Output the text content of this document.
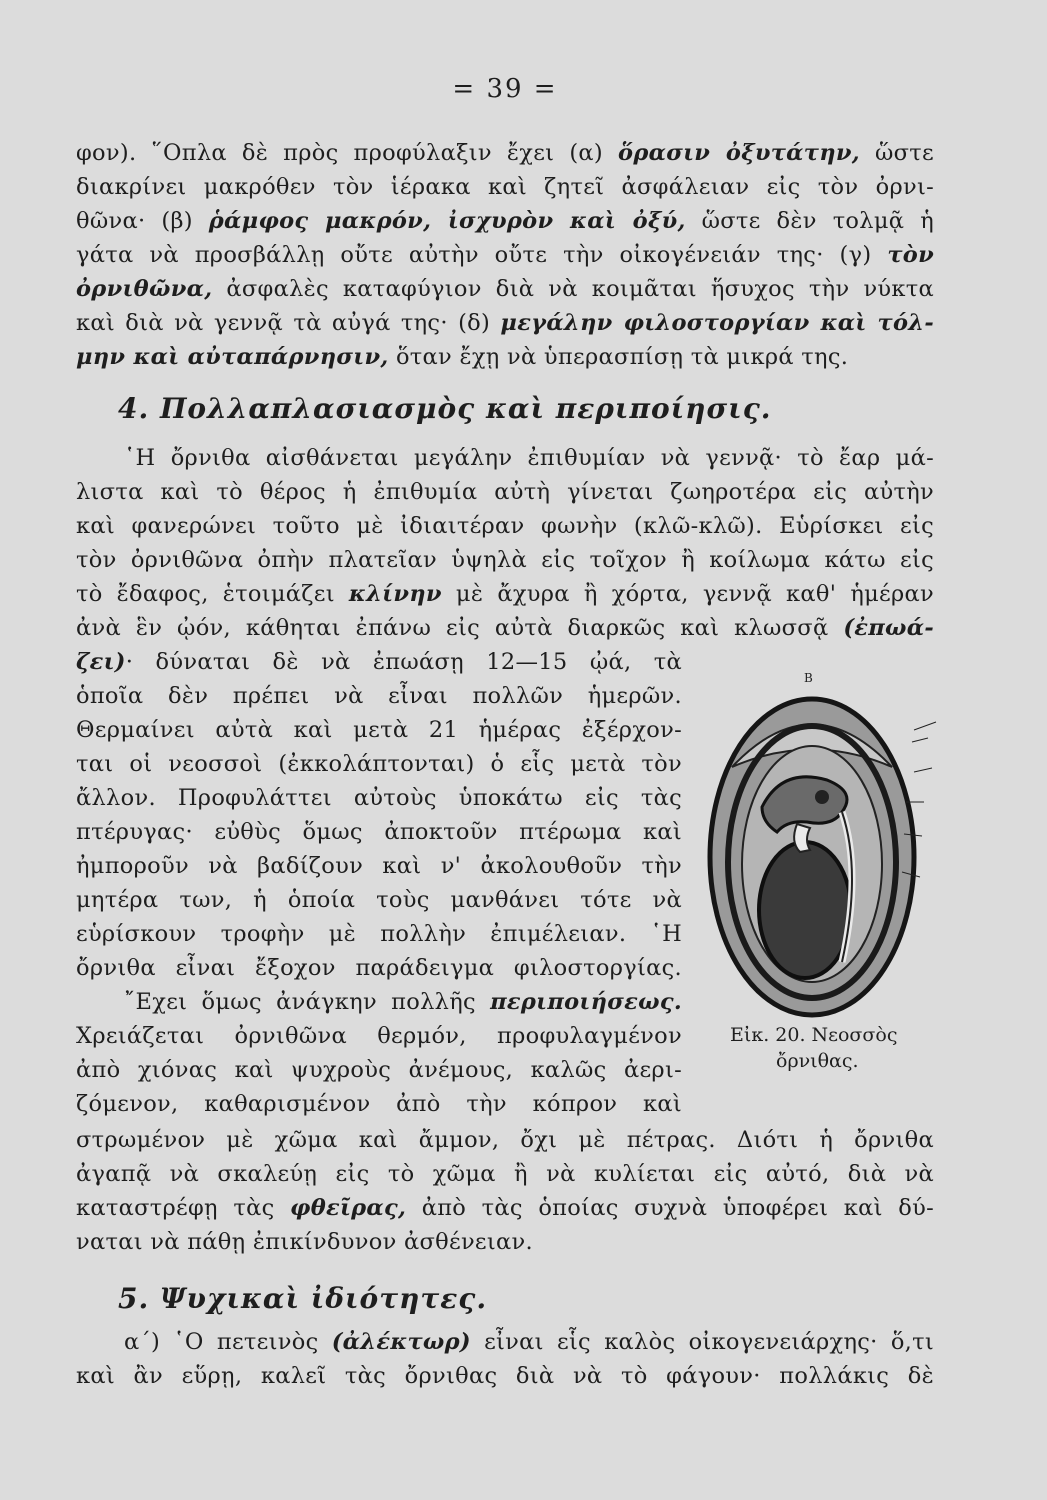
= 39 =
φον). ῞Οπλα δὲ πρὸς προφύλαξιν ἔχει (α) ὅρασιν ὀξυτάτην, ὥστε
διακρίνει μακρόθεν τὸν ἱέρακα καὶ ζητεῖ ἀσφάλειαν εἰς τὸν ὀρνι-
θῶνα· (β) ῥάμφος μακρόν, ἰσχυρὸν καὶ ὀξύ, ὥστε δὲν τολμᾷ ἡ
γάτα νὰ προσβάλλῃ οὔτε αὐτὴν οὔτε τὴν οἰκογένειάν της· (γ) τὸν
ὀρνιθῶνα, ἀσφαλὲς καταφύγιον διὰ νὰ κοιμᾶται ἥσυχος τὴν νύκτα
καὶ διὰ νὰ γεννᾷ τὰ αὐγά της· (δ) μεγάλην φιλοστοργίαν καὶ τόλ-
μην καὶ αὐταπάρνησιν, ὅταν ἔχῃ νὰ ὑπερασπίσῃ τὰ μικρά της.
4. Πολλαπλασιασμὸς καὶ περιποίησις.
῾Η ὄρνιθα αἰσθάνεται μεγάλην ἐπιθυμίαν νὰ γεννᾷ· τὸ ἔαρ μά-
λιστα καὶ τὸ θέρος ἡ ἐπιθυμία αὐτὴ γίνεται ζωηροτέρα εἰς αὐτὴν
καὶ φανερώνει τοῦτο μὲ ἰδιαιτέραν φωνὴν (κλῶ-κλῶ). Εὑρίσκει εἰς
τὸν ὀρνιθῶνα ὀπὴν πλατεῖαν ὑψηλὰ εἰς τοῖχον ἢ κοίλωμα κάτω εἰς
τὸ ἔδαφος, ἑτοιμάζει κλίνην μὲ ἄχυρα ἢ χόρτα, γεννᾷ καθ' ἡμέραν
ἀνὰ ἓν ᾠόν, κάθηται ἐπάνω εἰς αὐτὰ διαρκῶς καὶ κλωσσᾷ (ἐπωά-
ζει)· δύναται δὲ νὰ ἐπωάσῃ 12—15 ᾠά, τὰ
ὁποῖα δὲν πρέπει νὰ εἶναι πολλῶν ἡμερῶν.
Θερμαίνει αὐτὰ καὶ μετὰ 21 ἡμέρας ἐξέρχον-
ται οἱ νεοσσοὶ (ἐκκολάπτονται) ὁ εἷς μετὰ τὸν
ἄλλον. Προφυλάττει αὐτοὺς ὑποκάτω εἰς τὰς
πτέρυγας· εὐθὺς ὅμως ἀποκτοῦν πτέρωμα καὶ
ἠμποροῦν νὰ βαδίζουν καὶ ν' ἀκολουθοῦν τὴν
μητέρα των, ἡ ὁποία τοὺς μανθάνει τότε νὰ
εὑρίσκουν τροφὴν μὲ πολλὴν ἐπιμέλειαν. ῾Η
ὄρνιθα εἶναι ἔξοχον παράδειγμα φιλοστοργίας.
῎Εχει ὅμως ἀνάγκην πολλῆς περιποιήσεως.
Χρειάζεται ὀρνιθῶνα θερμόν, προφυλαγμένον
ἀπὸ χιόνας καὶ ψυχροὺς ἀνέμους, καλῶς ἀερι-
ζόμενον, καθαρισμένον ἀπὸ τὴν κόπρον καὶ
στρωμένον μὲ χῶμα καὶ ἄμμον, ὄχι μὲ πέτρας. Διότι ἡ ὄρνιθα
ἀγαπᾷ νὰ σκαλεύῃ εἰς τὸ χῶμα ἢ νὰ κυλίεται εἰς αὐτό, διὰ νὰ
καταστρέφῃ τὰς φθεῖρας, ἀπὸ τὰς ὁποίας συχνὰ ὑποφέρει καὶ δύ-
ναται νὰ πάθῃ ἐπικίνδυνον ἀσθένειαν.
5. Ψυχικαὶ ἰδιότητες.
α΄) ῾Ο πετεινὸς (ἀλέκτωρ) εἶναι εἷς καλὸς οἰκογενειάρχης· ὅ,τι
καὶ ἂν εὕρῃ, καλεῖ τὰς ὄρνιθας διὰ νὰ τὸ φάγουν· πολλάκις δὲ
B
Εἰκ. 20. Νεοσσὸς
ὄρνιθας.
